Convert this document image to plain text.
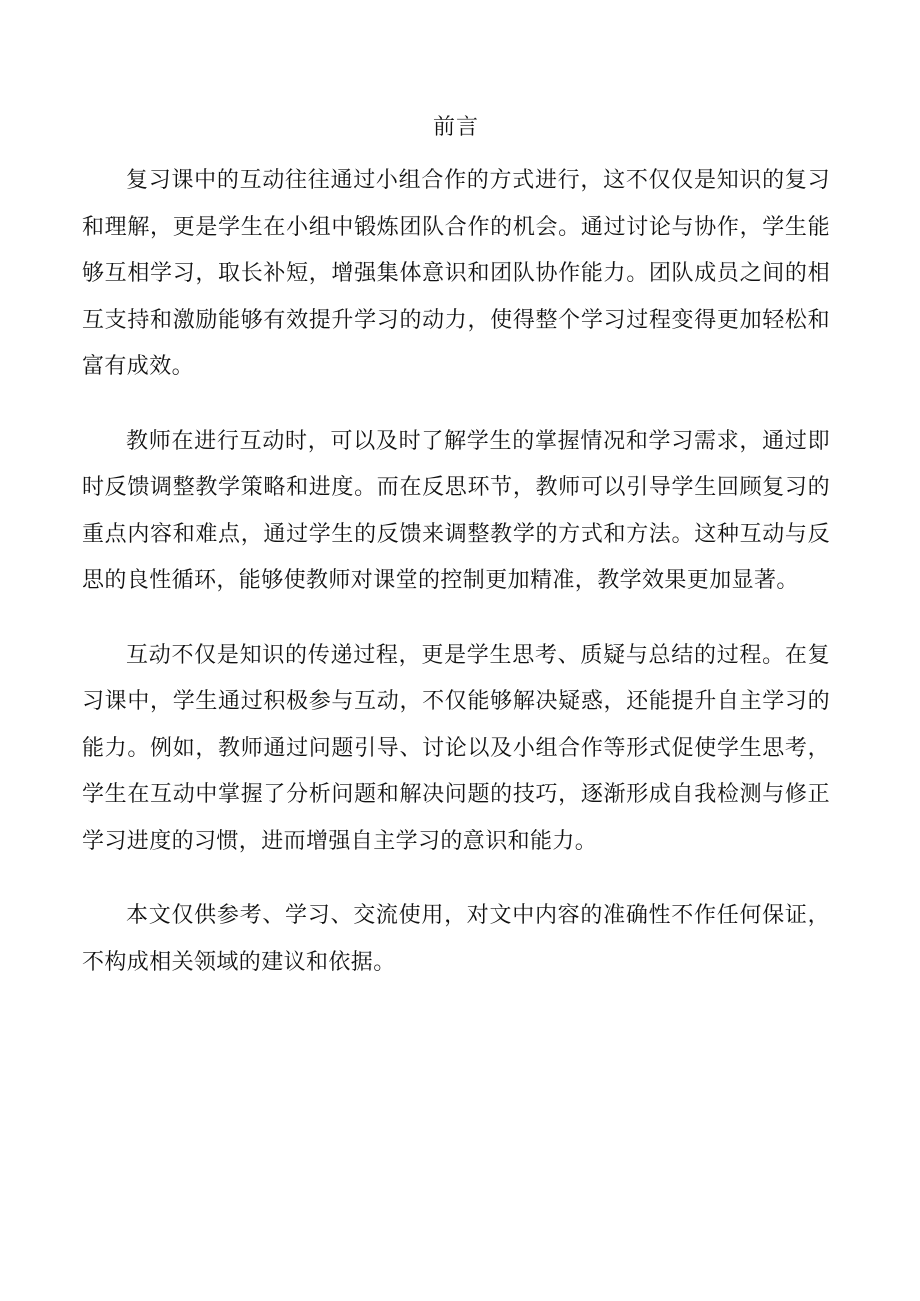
前言

复习课中的互动往往通过小组合作的方式进行，这不仅仅是知识的复习和理解，更是学生在小组中锻炼团队合作的机会。通过讨论与协作，学生能够互相学习，取长补短，增强集体意识和团队协作能力。团队成员之间的相互支持和激励能够有效提升学习的动力，使得整个学习过程变得更加轻松和富有成效。

教师在进行互动时，可以及时了解学生的掌握情况和学习需求，通过即时反馈调整教学策略和进度。而在反思环节，教师可以引导学生回顾复习的重点内容和难点，通过学生的反馈来调整教学的方式和方法。这种互动与反思的良性循环，能够使教师对课堂的控制更加精准，教学效果更加显著。

互动不仅是知识的传递过程，更是学生思考、质疑与总结的过程。在复习课中，学生通过积极参与互动，不仅能够解决疑惑，还能提升自主学习的能力。例如，教师通过问题引导、讨论以及小组合作等形式促使学生思考，学生在互动中掌握了分析问题和解决问题的技巧，逐渐形成自我检测与修正学习进度的习惯，进而增强自主学习的意识和能力。

本文仅供参考、学习、交流使用，对文中内容的准确性不作任何保证，不构成相关领域的建议和依据。
